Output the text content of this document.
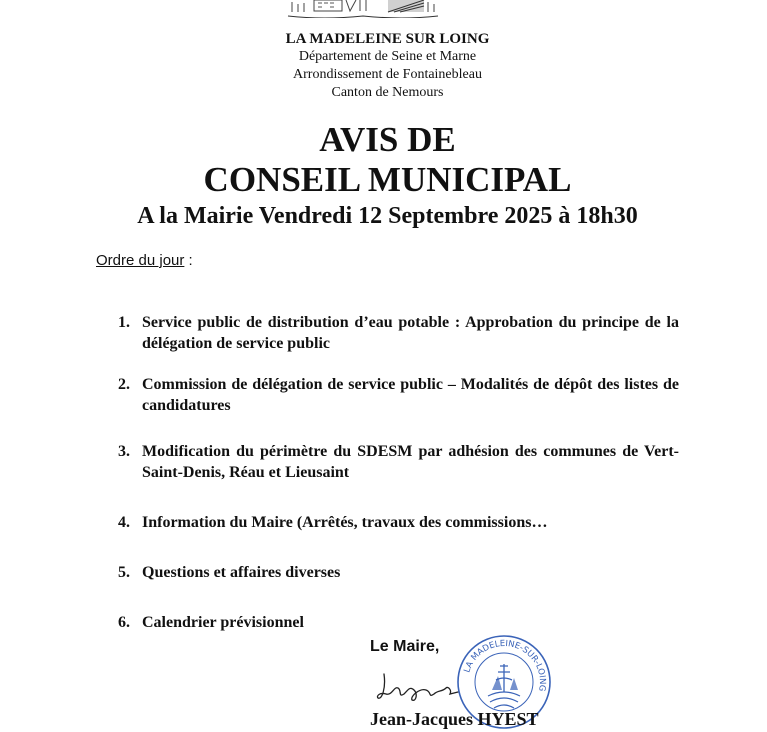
LA MADELEINE SUR LOING
Département de Seine et Marne
Arrondissement de Fontainebleau
Canton de Nemours
AVIS DE
CONSEIL MUNICIPAL
A la Mairie Vendredi 12 Septembre 2025 à 18h30
Ordre du jour :
1. Service public de distribution d’eau potable : Approbation du principe de la délégation de service public
2. Commission de délégation de service public – Modalités de dépôt des listes de candidatures
3. Modification du périmètre du SDESM par adhésion des communes de Vert-Saint-Denis, Réau et Lieusaint
4. Information du Maire (Arrêtés, travaux des commissions…
5. Questions et affaires diverses
6. Calendrier prévisionnel
Le Maire,
LA MADELEINE-SUR-LOING
Jean-Jacques HYEST
